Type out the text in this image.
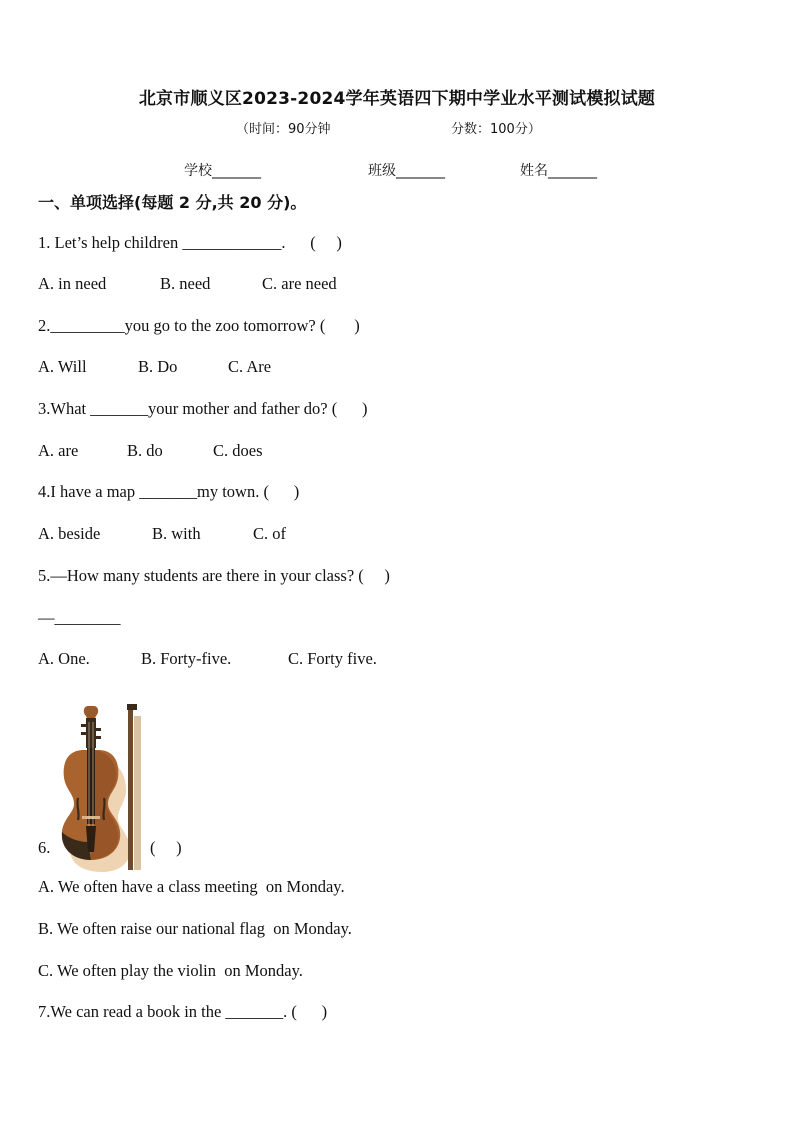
北京市顺义区2023-2024学年英语四下期中学业水平测试模拟试题
（时间：90分钟	分数：100分）
学校_______	班级_______	姓名_______
一、单项选择(每题 2 分,共 20 分)。
1. Let’s help children ____________.      (     )
A. in need	B. need	C. are need
2._________you go to the zoo tomorrow? (       )
A. Will	B. Do	C. Are
3.What _______your mother and father do? (      )
A. are	B. do	C. does
4.I have a map _______my town. (      )
A. beside	B. with	C. of
5.—How many students are there in your class? (     )
—________
A. One.	B. Forty-five.	C. Forty five.

6.	(     )
A. We often have a class meeting  on Monday.
B. We often raise our national flag  on Monday.
C. We often play the violin  on Monday.
7.We can read a book in the _______. (      )
